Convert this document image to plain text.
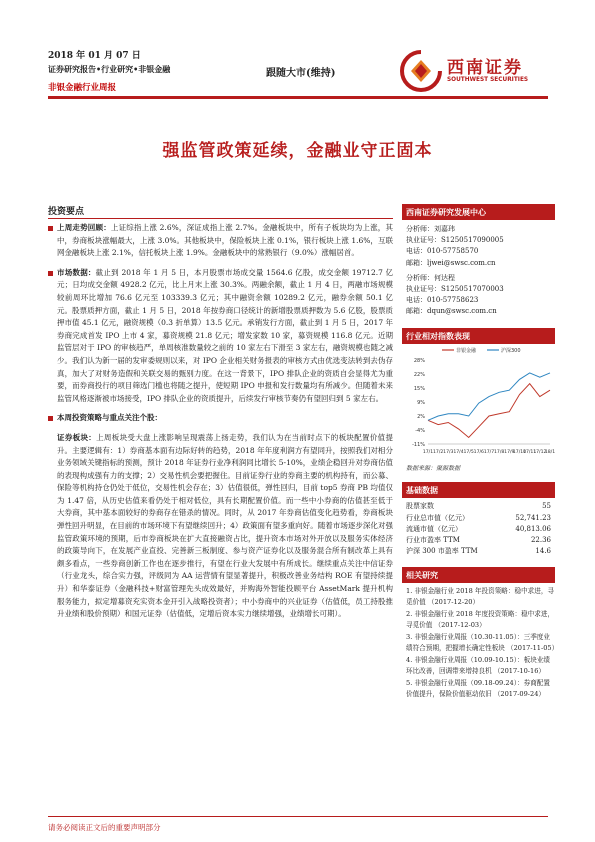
2018 年 01 月 07 日
证券研究报告•行业研究•非银金融
非银金融行业周报
跟随大市(维持)	西南证券
SOUTHWEST SECURITIES
强监管政策延续，金融业守正固本
投资要点
上周走势回顾：上证综指上涨 2.6%，深证成指上涨 2.7%。金融板块中，所有子板块均为上涨，其中，券商板块涨幅最大，上涨 3.0%。其他板块中，保险板块上涨 0.1%，银行板块上涨 1.6%，互联网金融板块上涨 2.1%，信托板块上涨 1.9%。金融板块中的常熟银行（9.0%）涨幅居首。
市场数据：截止到 2018 年 1 月 5 日，本月股票市场成交量 1564.6 亿股，成交金额 19712.7 亿元；日均成交金额 4928.2 亿元，比上月末上涨 30.3%。两融余额，截止 1 月 4 日，两融市场规模较前周环比增加 76.6 亿元至 103339.3 亿元；其中融资余额 10289.2 亿元，融券余额 50.1 亿元。股票质押方面，截止 1 月 5 日，2018 年按券商口径统计的新增股票质押数为 5.6 亿股，股票质押市值 45.1 亿元，融资规模（0.3 折单算）13.5 亿元。承销发行方面，截止到 1 月 5 日，2017 年券商完成首发 IPO 上市 4 家，募资规模 21.8 亿元；增发家数 10 家，募资规模 116.8 亿元。近期监管层对于 IPO 的审核趋严，单周核准数量较之前的 10 家左右下滑至 3 家左右，融资规模也随之减少。我们认为新一届的发审委规则以来，对 IPO 企业相关财务报表的审核方式由优选变法转到去伪存真，加大了对财务造假和关联交易的甄别力度。在这一背景下，IPO 排队企业的资质自会显得尤为重要，而券商投行的项目筛选门槛也将随之提升，使短期 IPO 申报和发行数量均有所减少。但随着未来监管风格逐渐被市场接受，IPO 排队企业的资质提升，后续发行审核节奏仍有望回归到 5 家左右。
本周投资策略与重点关注个股：
证券板块：上周板块受大盘上涨影响呈现震荡上扬走势，我们认为在当前时点下的板块配置价值提升。主要逻辑有：1）券商基本面有边际好转的趋势，2018 年年度利润方有望同升，按照我们对相分业务领域关键指标的预测，预计 2018 年证券行业净利润同比增长 5-10%，业绩企稳回升对券商估值的表现构成强有力的支撑；2）交易性机会要把握住。目前证券行业的券商主要的机构持有，而公募、保险等机构持仓仍处于低位，交易性机会存在；3）估值很低，弹性回归，目前 top5 券商 PB 均值仅为 1.47 倍，从历史估值来看仍处于相对低位，具有长期配置价值。而一些中小券商的估值甚至低于大券商，其中基本面较好的券商存在错杀的情况。同时，从 2017 年券商估值变化趋势看，券商板块弹性回升明显，在目前的市场环境下有望继续回升；4）政策面有望多重向好。随着市场逐步深化对强监管政策环境的预期，后市券商板块在扩大直接融资占比，提升资本市场对外开放以及服务实体经济的政策导向下，在发展产业直投、完善新三板制度、参与资产证券化以及服务混合所有制改革上具有颇多看点，一些券商创新工作也在逐步推行，有望在行业大发展中有所成长。继续重点关注中信证券（行业龙头，综合实力强，评级同为 AA 运营情有望显著提升，积极改善业务结构 ROE 有望持续提升）和华泰证券（金融科技+财富管理先头成效最好，并购海外智能投顾平台 AssetMark 提升机构服务能力，拟定增募资充实资本金开引入战略投资者）；中小券商中的兴业证券（估值低，员工持股推升业绩和股价预期）和国元证券（估值低，定增后资本实力继续增强，业绩增长可期）。
西南证券研究发展中心
分析师：刘嘉玮
执业证号：S1250517090005
电话：010-57758570
邮箱：ljwei@swsc.com.cn
分析师：何达程
执业证号：S1250517070003
电话：010-57758623
邮箱：dqun@swsc.com.cn
行业相对指数表现
28%
22%
15%
9%
2%
-4%
-11%
17/1 17/2 17/3 17/4 17/5 17/6 17/7 17/8 17/9
17/10
17/11
17/12
18/1
非银金融	沪深300
数据来源：聚源数据
基础数据
股票家数	55
行业总市值（亿元）	52,741.23
流通市值（亿元）	40,813.06
行业市盈率 TTM	22.36
沪深 300 市盈率 TTM	14.6
相关研究
1. 非银金融行业 2018 年投资策略：稳中求进，寻觅价值 （2017-12-20）
2. 非银金融行业 2018 年度投资策略：稳中求进，寻觅价值 （2017-12-03）
3. 非银金融行业周报（10.30-11.05）：三季度业绩符合预期，把握增长确定性板块 （2017-11-05）
4. 非银金融行业周报（10.09-10.15）：板块业绩环比改善，回调带来增持良机 （2017-10-16）
5. 非银金融行业周报（09.18-09.24）：券商配置价值提升，保险价值驱动依旧 （2017-09-24）
请务必阅读正文后的重要声明部分
